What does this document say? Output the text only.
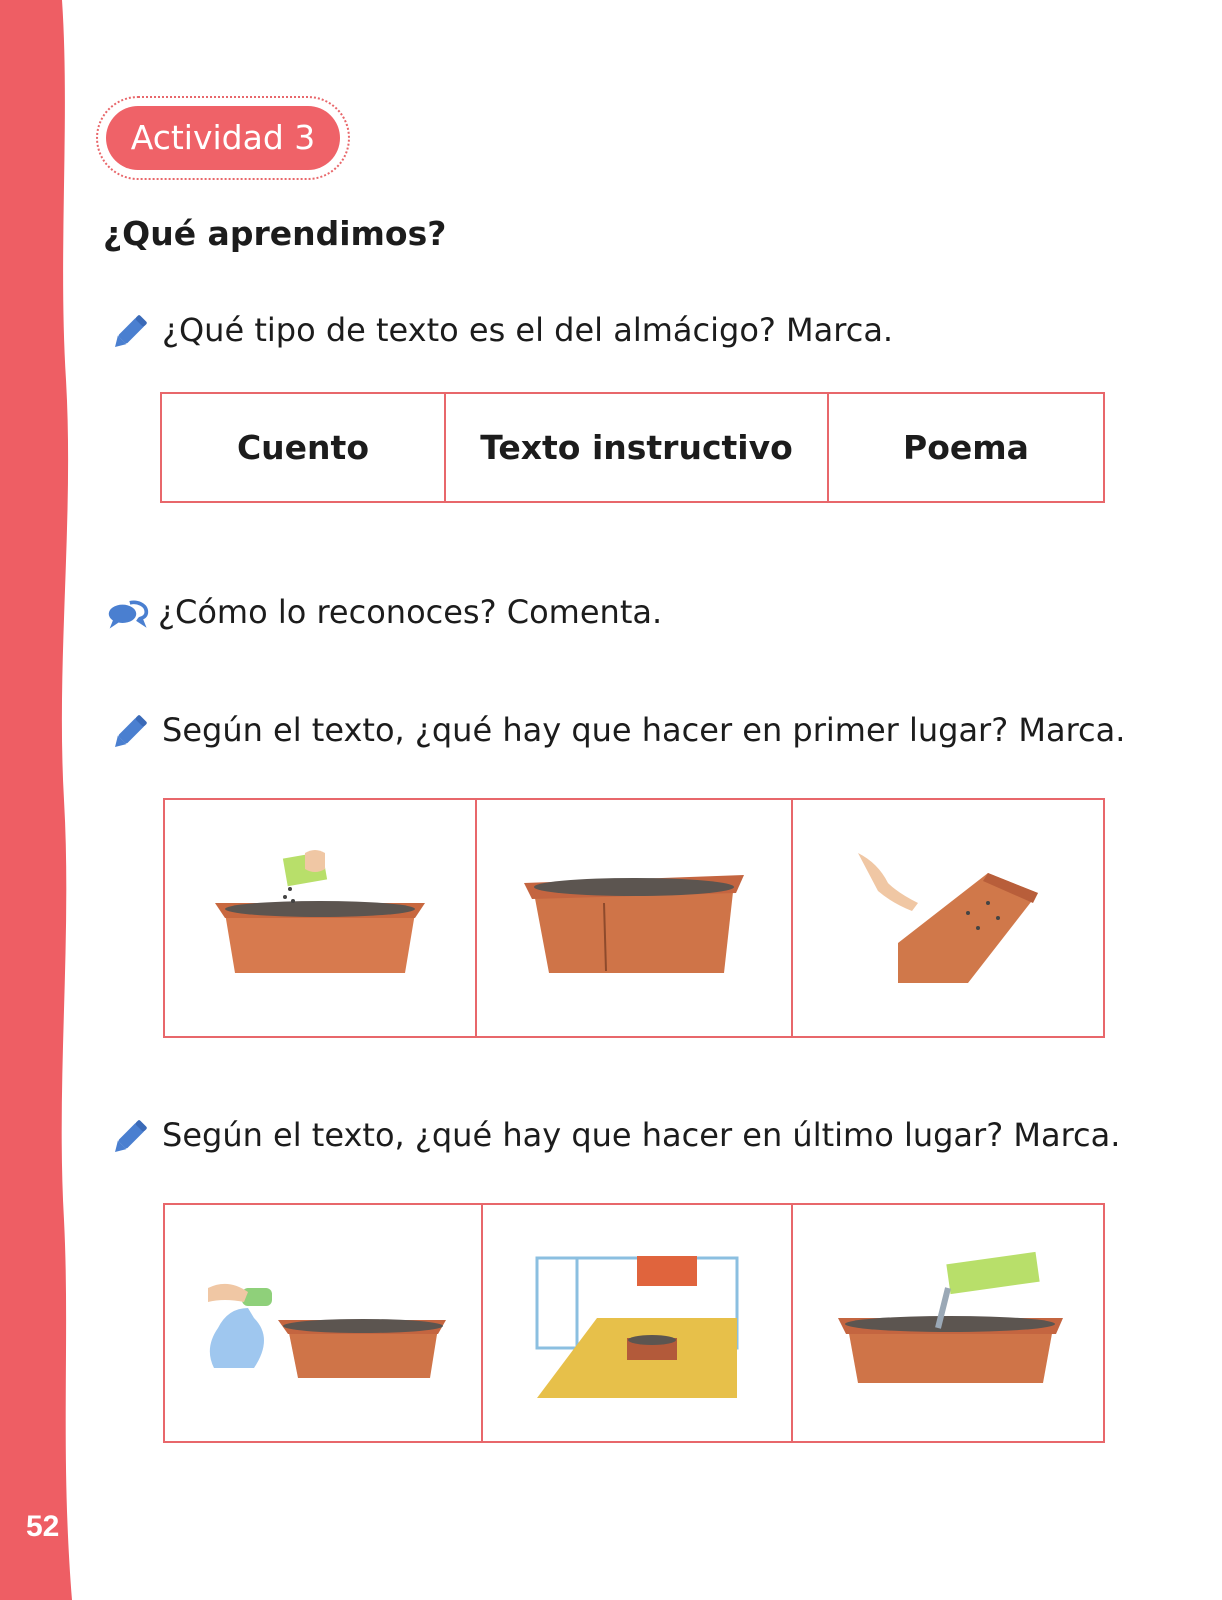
52
Actividad 3
¿Qué aprendimos?
¿Qué tipo de texto es el del almácigo? Marca.
Cuento	Texto instructivo	Poema
¿Cómo lo reconoces? Comenta.
Según el texto, ¿qué hay que hacer en primer lugar? Marca.
Según el texto, ¿qué hay que hacer en último lugar? Marca.
